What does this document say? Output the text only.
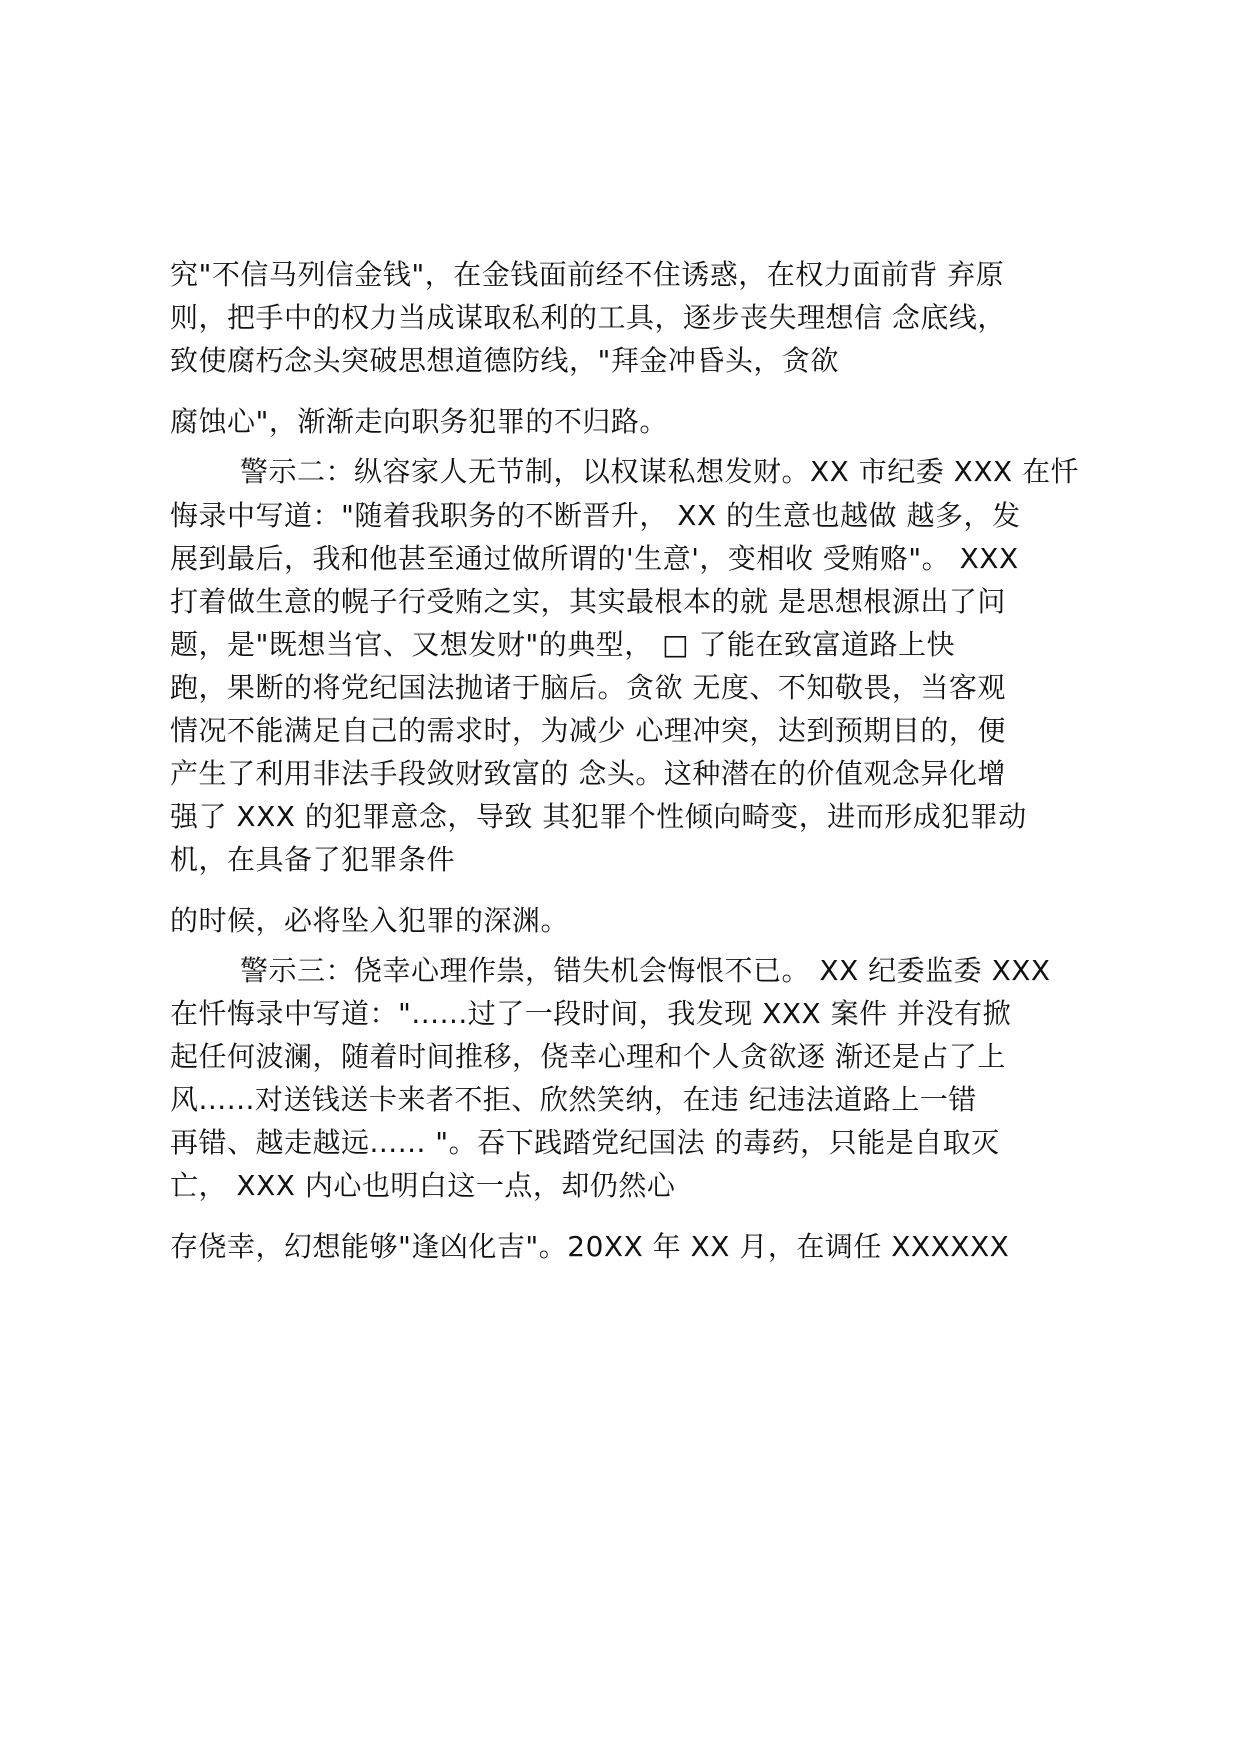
究"不信马列信金钱"，在金钱面前经不住诱惑，在权力面前背 弃原
则，把手中的权力当成谋取私利的工具，逐步丧失理想信 念底线，
致使腐朽念头突破思想道德防线，"拜金冲昏头，贪欲
腐蚀心"，渐渐走向职务犯罪的不归路。
警示二：纵容家人无节制，以权谋私想发财。XX 市纪委 XXX 在忏
悔录中写道："随着我职务的不断晋升， XX 的生意也越做 越多，发
展到最后，我和他甚至通过做所谓的'生意'，变相收 受贿赂"。 XXX
打着做生意的幌子行受贿之实，其实最根本的就 是思想根源出了问
题，是"既想当官、又想发财"的典型， □ 了能在致富道路上快
跑，果断的将党纪国法抛诸于脑后。贪欲 无度、不知敬畏，当客观
情况不能满足自己的需求时，为减少 心理冲突，达到预期目的，便
产生了利用非法手段敛财致富的 念头。这种潜在的价值观念异化增
强了 XXX 的犯罪意念，导致 其犯罪个性倾向畸变，进而形成犯罪动
机，在具备了犯罪条件
的时候，必将坠入犯罪的深渊。
警示三：侥幸心理作祟，错失机会悔恨不已。 XX 纪委监委 XXX
在忏悔录中写道："......过了一段时间，我发现 XXX 案件 并没有掀
起任何波澜，随着时间推移，侥幸心理和个人贪欲逐 渐还是占了上
风......对送钱送卡来者不拒、欣然笑纳，在违 纪违法道路上一错
再错、越走越远...... "。吞下践踏党纪国法 的毒药，只能是自取灭
亡， XXX 内心也明白这一点，却仍然心
存侥幸，幻想能够"逢凶化吉"。20XX 年 XX 月，在调任 XXXXXX
